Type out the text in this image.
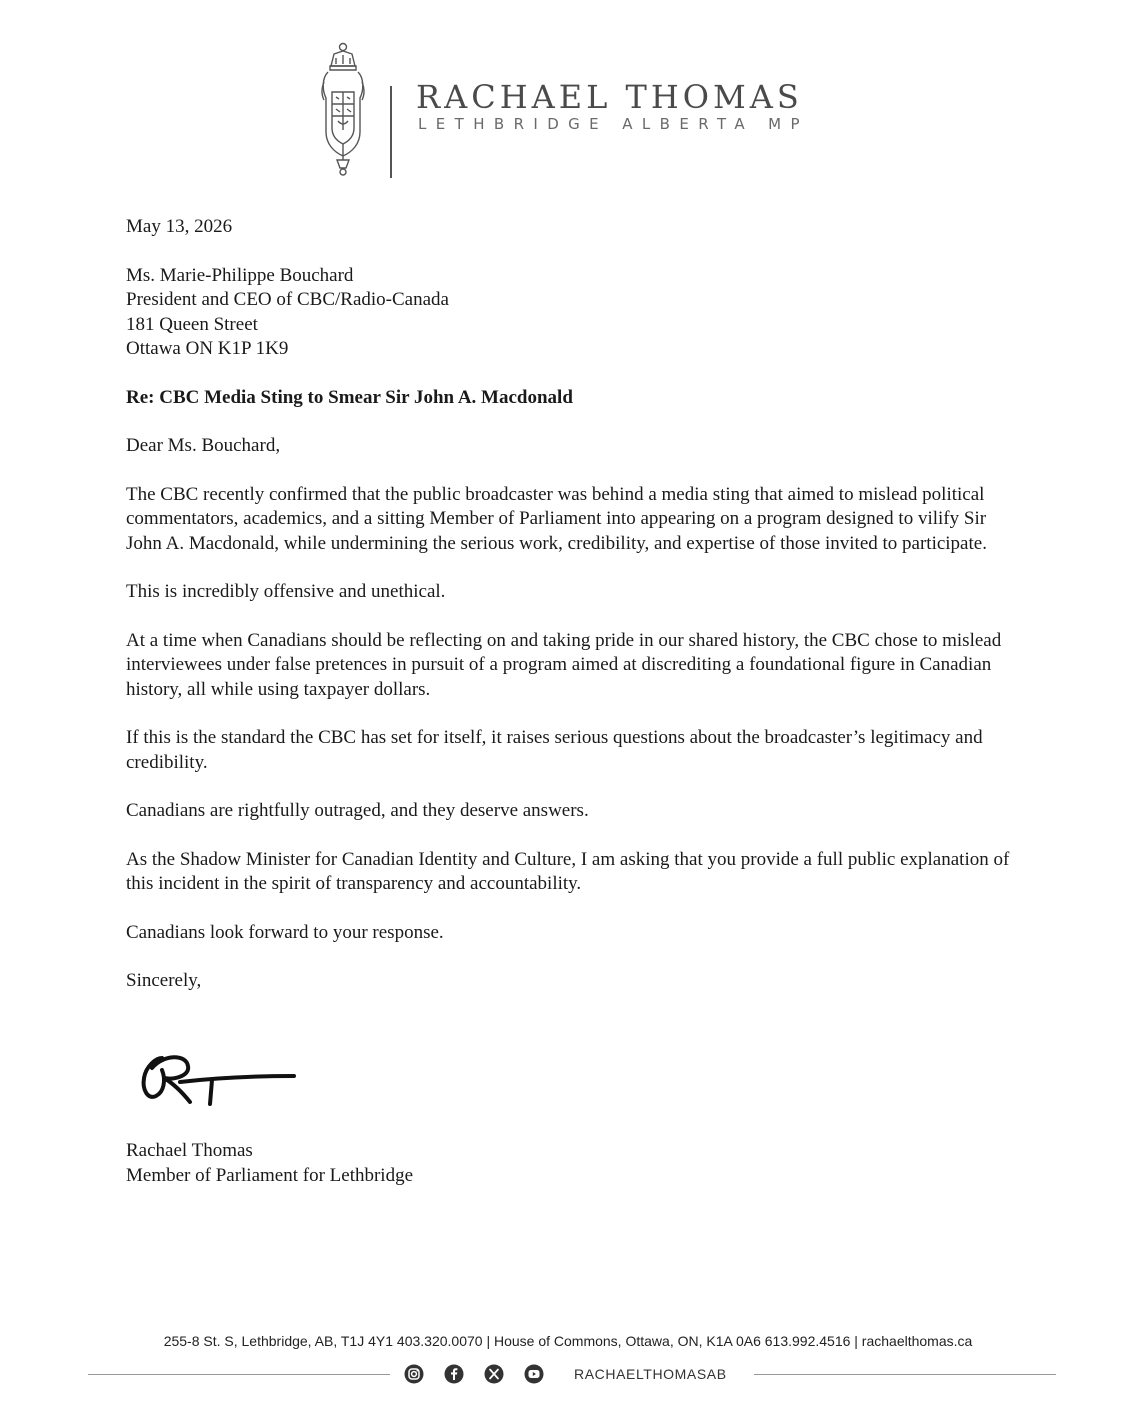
RACHAEL THOMAS
LETHBRIDGE ALBERTA MP

May 13, 2026

Ms. Marie-Philippe Bouchard
President and CEO of CBC/Radio-Canada
181 Queen Street
Ottawa ON K1P 1K9

Re: CBC Media Sting to Smear Sir John A. Macdonald

Dear Ms. Bouchard,

The CBC recently confirmed that the public broadcaster was behind a media sting that aimed to mislead political commentators, academics, and a sitting Member of Parliament into appearing on a program designed to vilify Sir John A. Macdonald, while undermining the serious work, credibility, and expertise of those invited to participate.

This is incredibly offensive and unethical.

At a time when Canadians should be reflecting on and taking pride in our shared history, the CBC chose to mislead interviewees under false pretences in pursuit of a program aimed at discrediting a foundational figure in Canadian history, all while using taxpayer dollars.

If this is the standard the CBC has set for itself, it raises serious questions about the broadcaster’s legitimacy and credibility.

Canadians are rightfully outraged, and they deserve answers.

As the Shadow Minister for Canadian Identity and Culture, I am asking that you provide a full public explanation of this incident in the spirit of transparency and accountability.

Canadians look forward to your response.

Sincerely,

Rachael Thomas
Member of Parliament for Lethbridge
255-8 St. S, Lethbridge, AB, T1J 4Y1 403.320.0070 | House of Commons, Ottawa, ON, K1A 0A6 613.992.4516 | rachaelthomas.ca
RACHAELTHOMASAB
